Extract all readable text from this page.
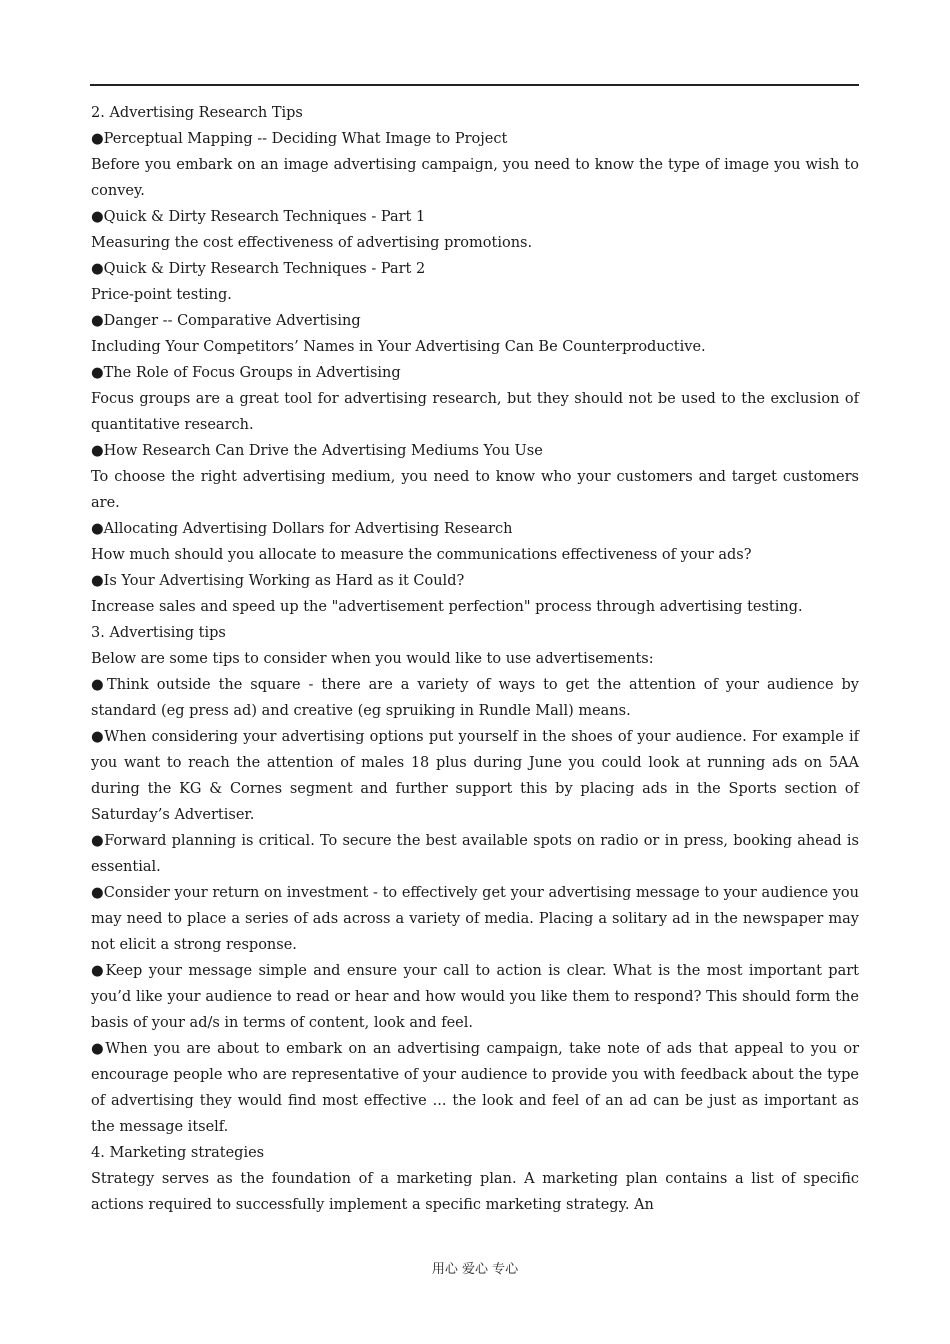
2. Advertising Research Tips

●Perceptual Mapping -- Deciding What Image to Project

Before you embark on an image advertising campaign, you need to know the type of image you wish to convey.

●Quick & Dirty Research Techniques - Part 1

Measuring the cost effectiveness of advertising promotions.

●Quick & Dirty Research Techniques - Part 2

Price-point testing.

●Danger -- Comparative Advertising

Including Your Competitors’ Names in Your Advertising Can Be Counterproductive.

●The Role of Focus Groups in Advertising

Focus groups are a great tool for advertising research, but they should not be used to the exclusion of quantitative research.

●How Research Can Drive the Advertising Mediums You Use

To choose the right advertising medium, you need to know who your customers and target customers are.

●Allocating Advertising Dollars for Advertising Research

How much should you allocate to measure the communications effectiveness of your ads?

●Is Your Advertising Working as Hard as it Could?

Increase sales and speed up the "advertisement perfection" process through advertising testing.

3. Advertising tips

Below are some tips to consider when you would like to use advertisements:

●Think outside the square - there are a variety of ways to get the attention of your audience by standard (eg press ad) and creative (eg spruiking in Rundle Mall) means.

●When considering your advertising options put yourself in the shoes of your audience. For example if you want to reach the attention of males 18 plus during June you could look at running ads on 5AA during the KG & Cornes segment and further support this by placing ads in the Sports section of Saturday’s Advertiser.

●Forward planning is critical. To secure the best available spots on radio or in press, booking ahead is essential.

●Consider your return on investment - to effectively get your advertising message to your audience you may need to place a series of ads across a variety of media. Placing a solitary ad in the newspaper may not elicit a strong response.

●Keep your message simple and ensure your call to action is clear. What is the most important part you’d like your audience to read or hear and how would you like them to respond? This should form the basis of your ad/s in terms of content, look and feel.

●When you are about to embark on an advertising campaign, take note of ads that appeal to you or encourage people who are representative of your audience to provide you with feedback about the type of advertising they would find most effective ... the look and feel of an ad can be just as important as the message itself.

4. Marketing strategies

Strategy serves as the foundation of a marketing plan. A marketing plan contains a list of specific actions required to successfully implement a specific marketing strategy. An

用心 爱心 专心
